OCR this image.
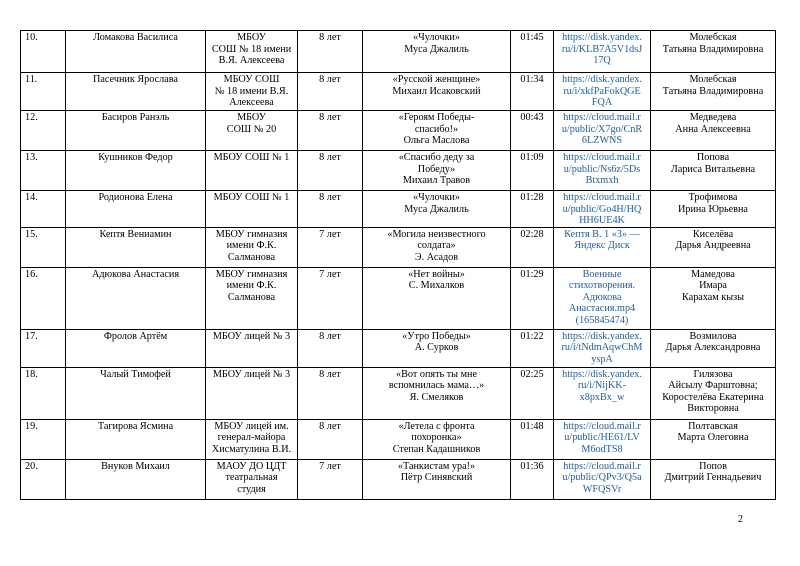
10.	Ломакова Василиса	МБОУ
СОШ № 18 имени
В.Я. Алексеева	8 лет	«Чулочки»
Муса Джалиль	01:45	https://disk.yandex.
ru/i/KLB7A5V1dsJ
17Q	Молебская
Татьяна Владимировна
11.	Пасечник Ярослава	МБОУ СОШ
№ 18 имени В.Я.
Алексеева	8 лет	«Русской женщине»
Михаил Исаковский	01:34	https://disk.yandex.
ru/i/xkfPaFokQGE
FQA	Молебская
Татьяна Владимировна
12.	Басиров Ранэль	МБОУ
СОШ № 20	8 лет	«Героям Победы-
спасибо!»
Ольга Маслова	00:43	https://cloud.mail.r
u/public/X7go/CnR
6LZWNS	Медведева
Анна Алексеевна
13.	Кушников Федор	МБОУ СОШ № 1	8 лет	«Спасибо деду за
Победу»
Михаил Травов	01:09	https://cloud.mail.r
u/public/Ns6z/5Ds
Btxmxh	Попова
Лариса Витальевна
14.	Родионова Елена	МБОУ СОШ № 1	8 лет	«Чулочки»
Муса Джалиль	01:28	https://cloud.mail.r
u/public/Go4H/HQ
HH6UE4K	Трофимова
Ирина Юрьевна
15.	Кептя Вениамин	МБОУ гимназия
имени Ф.К.
Салманова	7 лет	«Могила неизвестного
солдата»
Э. Асадов	02:28	Кептя В. 1 «3» —
Яндекс Диск	Киселёва
Дарья Андреевна
16.	Адюкова Анастасия	МБОУ гимназия
имени Ф.К.
Салманова	7 лет	«Нет войны»
С. Михалков	01:29	Военные
стихотворения.
Адюкова
Анастасия.mp4
(165845474)	Мамедова
Имара
Карахам кызы
17.	Фролов Артём	МБОУ лицей № 3	8 лет	«Утро Победы»
А. Сурков	01:22	https://disk.yandex.
ru/i/tNdmAqwChM
yspA	Возмилова
Дарья Александровна
18.	Чалый Тимофей	МБОУ лицей № 3	8 лет	«Вот опять ты мне
вспомнилась мама…»
Я. Смеляков	02:25	https://disk.yandex.
ru/i/NijKK-
x8pxBx_w	Гилязова
Айсылу Фарштовна;
Коростелёва Екатерина
Викторовна
19.	Тагирова Ясмина	МБОУ лицей им.
генерал-майора
Хисматулина В.И.	8 лет	«Летела с фронта
похоронка»
Степан Кадашников	01:48	https://cloud.mail.r
u/public/HE61/LV
M6odTS8	Полтавская
Марта Олеговна
20.	Внуков Михаил	МАОУ ДО ЦДТ
театральная
студия	7 лет	«Танкистам ура!»
Пётр Синявский	01:36	https://cloud.mail.r
u/public/QPv3/Q5a
WFQSVr	Попов
Дмитрий Геннадьевич
2
